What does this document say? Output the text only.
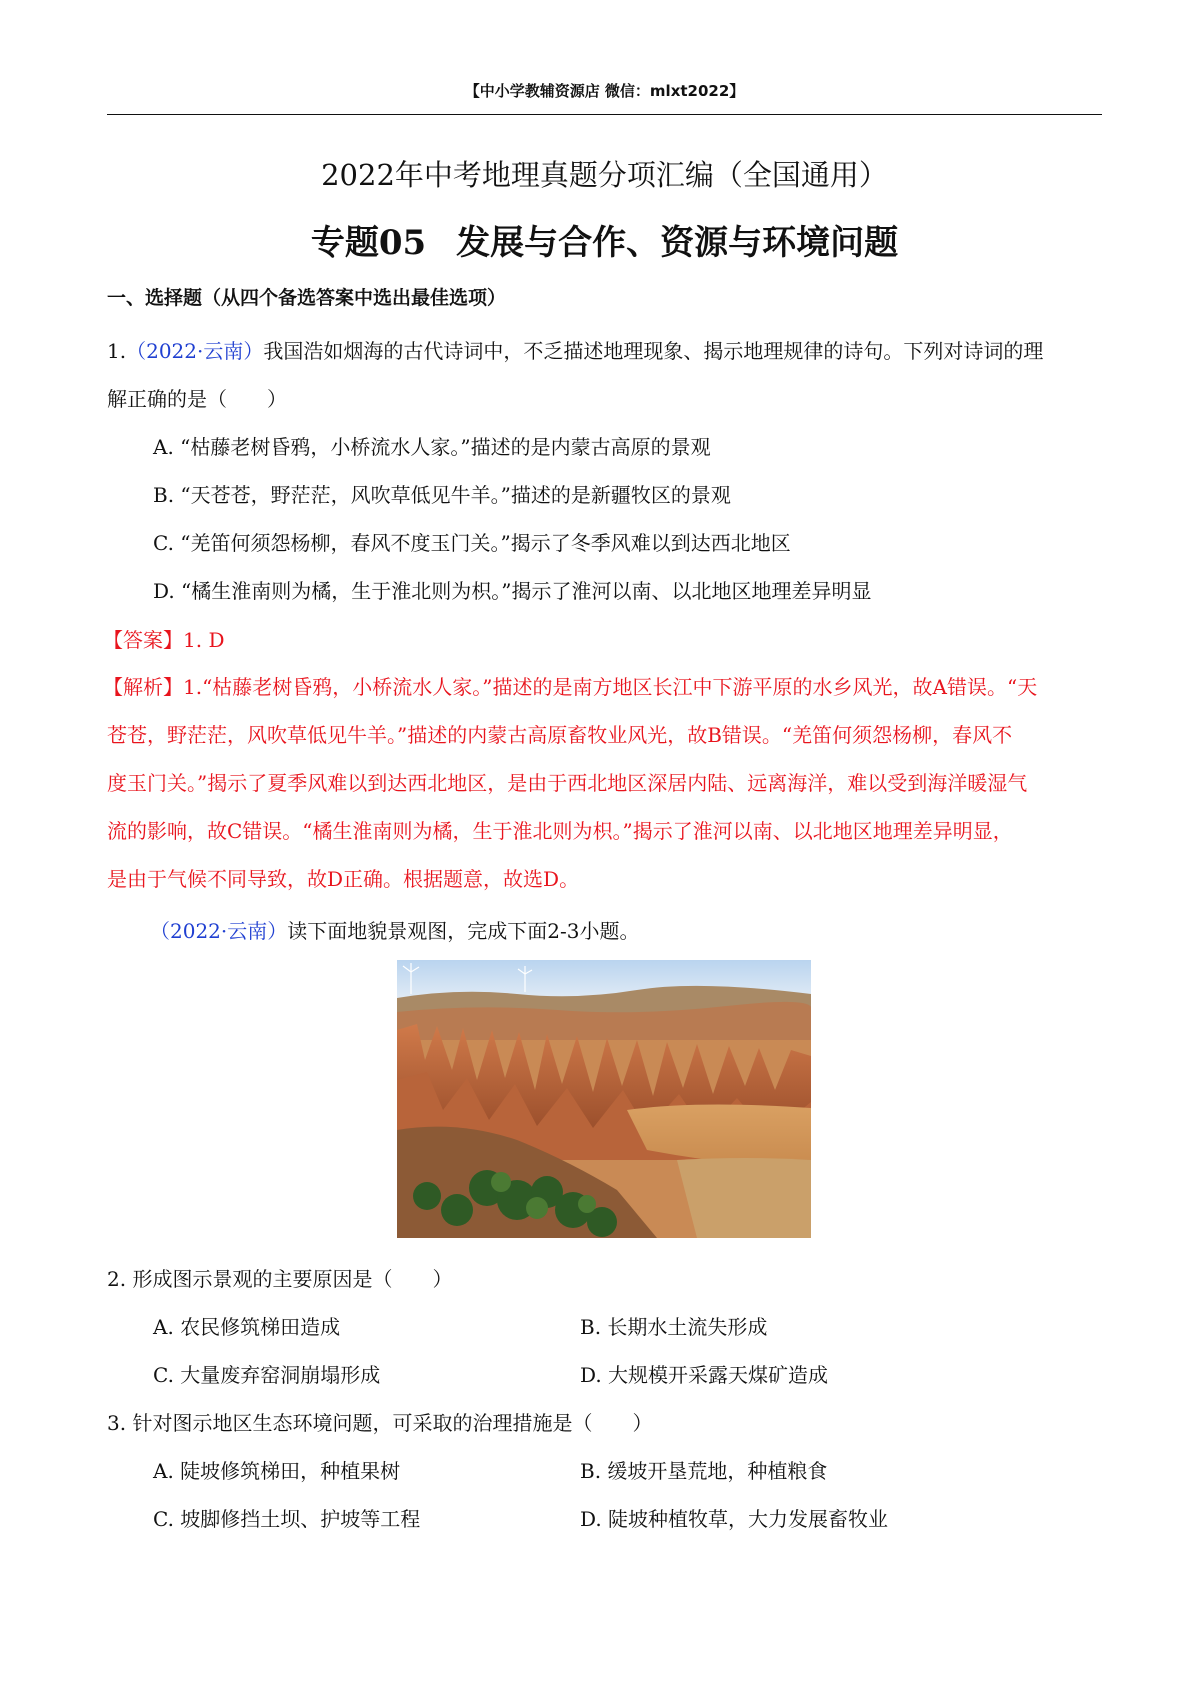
【中小学教辅资源店 微信：mlxt2022】
2022年中考地理真题分项汇编（全国通用）
专题05 发展与合作、资源与环境问题
一、选择题（从四个备选答案中选出最佳选项）
1.（2022·云南）我国浩如烟海的古代诗词中，不乏描述地理现象、揭示地理规律的诗句。下列对诗词的理
解正确的是（　　）
A. “枯藤老树昏鸦，小桥流水人家。”描述的是内蒙古高原的景观
B. “天苍苍，野茫茫，风吹草低见牛羊。”描述的是新疆牧区的景观
C. “羌笛何须怨杨柳，春风不度玉门关。”揭示了冬季风难以到达西北地区
D. “橘生淮南则为橘，生于淮北则为枳。”揭示了淮河以南、以北地区地理差异明显
【答案】1. D
【解析】1.“枯藤老树昏鸦，小桥流水人家。”描述的是南方地区长江中下游平原的水乡风光，故A错误。“天
苍苍，野茫茫，风吹草低见牛羊。”描述的内蒙古高原畜牧业风光，故B错误。“羌笛何须怨杨柳，春风不
度玉门关。”揭示了夏季风难以到达西北地区，是由于西北地区深居内陆、远离海洋，难以受到海洋暖湿气
流的影响，故C错误。“橘生淮南则为橘，生于淮北则为枳。”揭示了淮河以南、以北地区地理差异明显，
是由于气候不同导致，故D正确。根据题意，故选D。
（2022·云南）读下面地貌景观图，完成下面2-3小题。
2. 形成图示景观的主要原因是（　　）
A. 农民修筑梯田造成	B. 长期水土流失形成
C. 大量废弃窑洞崩塌形成	D. 大规模开采露天煤矿造成
3. 针对图示地区生态环境问题，可采取的治理措施是（　　）
A. 陡坡修筑梯田，种植果树	B. 缓坡开垦荒地，种植粮食
C. 坡脚修挡土坝、护坡等工程	D. 陡坡种植牧草，大力发展畜牧业
